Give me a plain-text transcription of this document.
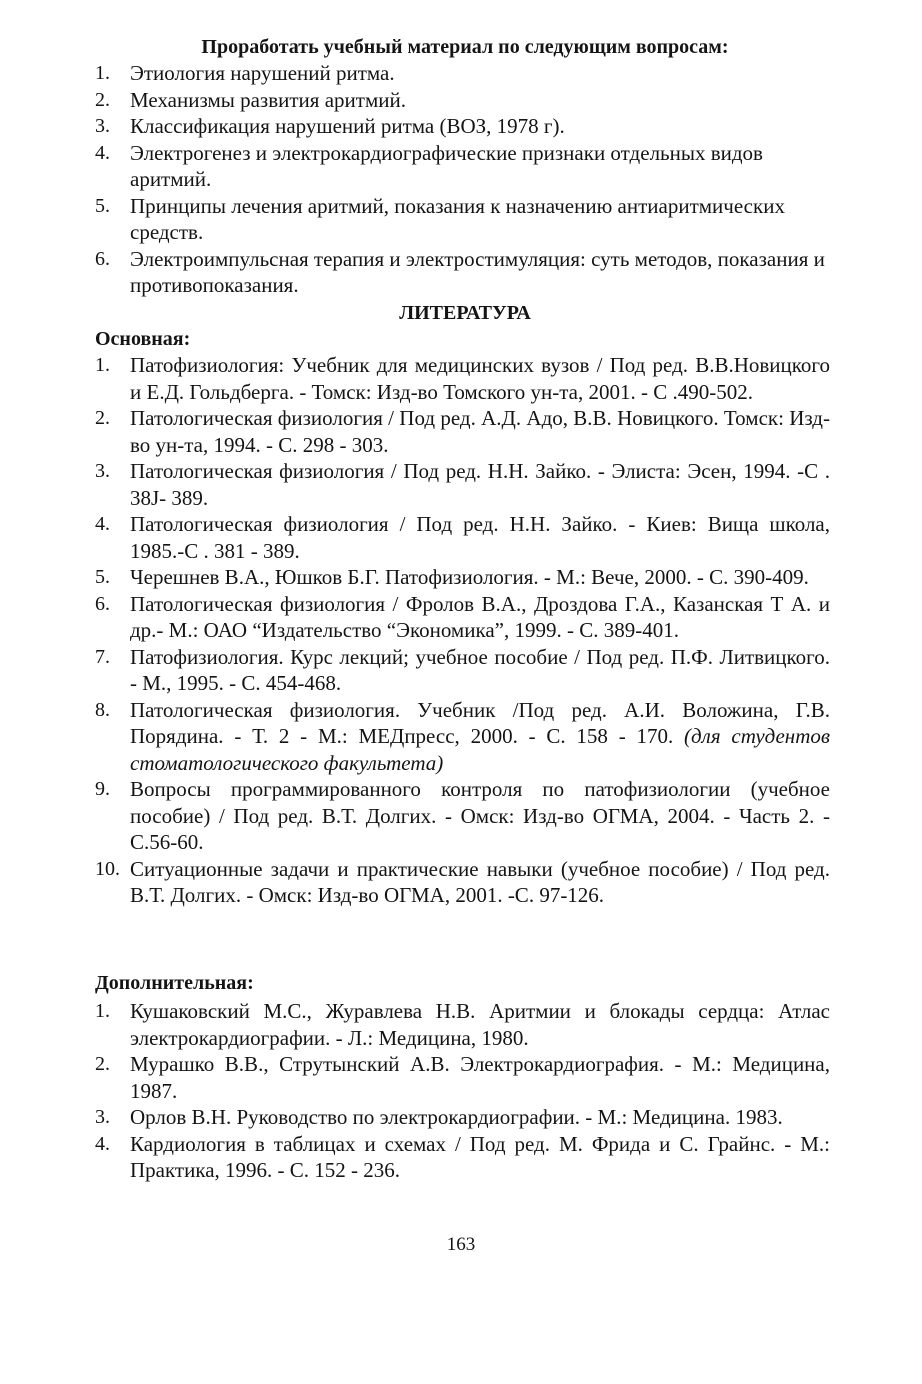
Проработать учебный материал по следующим вопросам:
1. Этиология нарушений ритма.
2. Механизмы развития аритмий.
3. Классификация нарушений ритма (ВОЗ, 1978 г).
4. Электрогенез и электрокардиографические признаки отдельных видов аритмий.
5. Принципы лечения аритмий, показания к назначению антиаритмических средств.
6. Электроимпульсная терапия и электростимуляция: суть методов, показания и противопоказания.
ЛИТЕРАТУРА
Основная:
1. Патофизиология: Учебник для медицинских вузов / Под ред. В.В.Новицкого и Е.Д. Гольдберга. - Томск: Изд-во Томского ун-та, 2001. - С .490-502.
2. Патологическая физиология / Под ред. А.Д. Адо, В.В. Новицкого. Томск: Изд-во ун-та, 1994. - С. 298 - 303.
3. Патологическая физиология / Под ред. Н.Н. Зайко. - Элиста: Эсен, 1994. -С . 38J- 389.
4. Патологическая физиология / Под ред. Н.Н. Зайко. - Киев: Вища школа, 1985.-С . 381 - 389.
5. Черешнев В.А., Юшков Б.Г. Патофизиология. - М.: Вече, 2000. - С. 390-409.
6. Патологическая физиология / Фролов В.А., Дроздова Г.А., Казанская Т А. и др.- М.: ОАО “Издательство “Экономика”, 1999. - С. 389-401.
7. Патофизиология. Курс лекций; учебное пособие / Под ред. П.Ф. Литвицкого. - М., 1995. - С. 454-468.
8. Патологическая физиология. Учебник /Под ред. А.И. Воложина, Г.В. Порядина. - Т. 2 - М.: МЕДпресс, 2000. - С. 158 - 170. (для студентов стоматологического факультета)
9. Вопросы программированного контроля по патофизиологии (учебное пособие) / Под ред. В.Т. Долгих. - Омск: Изд-во ОГМА, 2004. - Часть 2. - С.56-60.
10. Ситуационные задачи и практические навыки (учебное пособие) / Под ред. В.Т. Долгих. - Омск: Изд-во ОГМА, 2001. -С. 97-126.
Дополнительная:
1. Кушаковский М.С., Журавлева Н.В. Аритмии и блокады сердца: Атлас электрокардиографии. - Л.: Медицина, 1980.
2. Мурашко В.В., Струтынский А.В. Электрокардиография. - М.: Медицина, 1987.
3. Орлов В.Н. Руководство по электрокардиографии. - М.: Медицина. 1983.
4. Кардиология в таблицах и схемах / Под ред. М. Фрида и С. Грайнс. - М.: Практика, 1996. - С. 152 - 236.
163
